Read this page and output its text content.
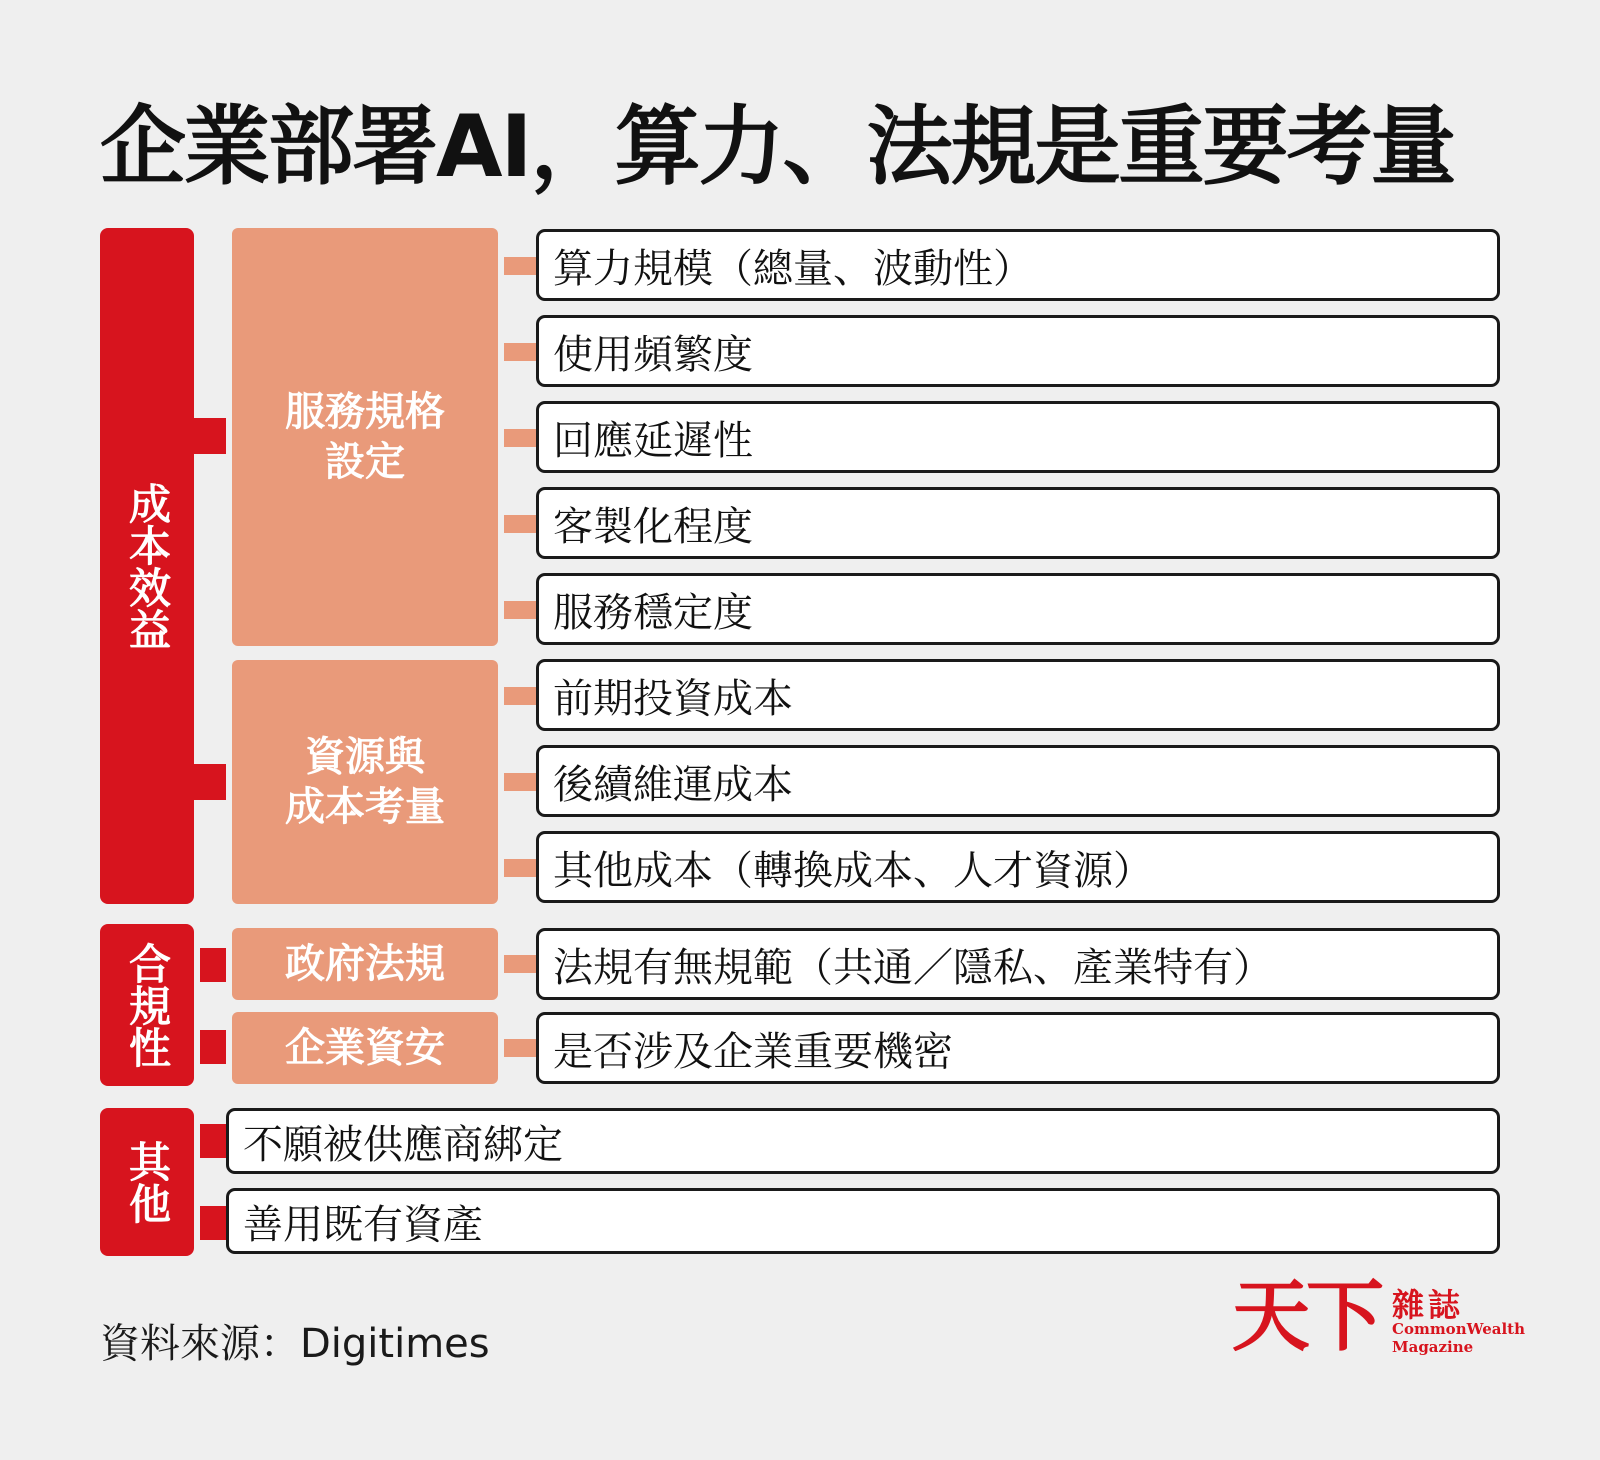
企業部署AI，算力、法規是重要考量
成本效益
服務規格
設定
資源與
成本考量
合規性	政府法規
企業資安
其他
算力規模（總量、波動性）
使用頻繁度
回應延遲性
客製化程度
服務穩定度
前期投資成本
後續維運成本
其他成本（轉換成本、人才資源）
法規有無規範（共通／隱私、產業特有）
是否涉及企業重要機密
不願被供應商綁定
善用既有資產
資料來源：Digitimes	天下 雜誌
CommonWealth
Magazine
